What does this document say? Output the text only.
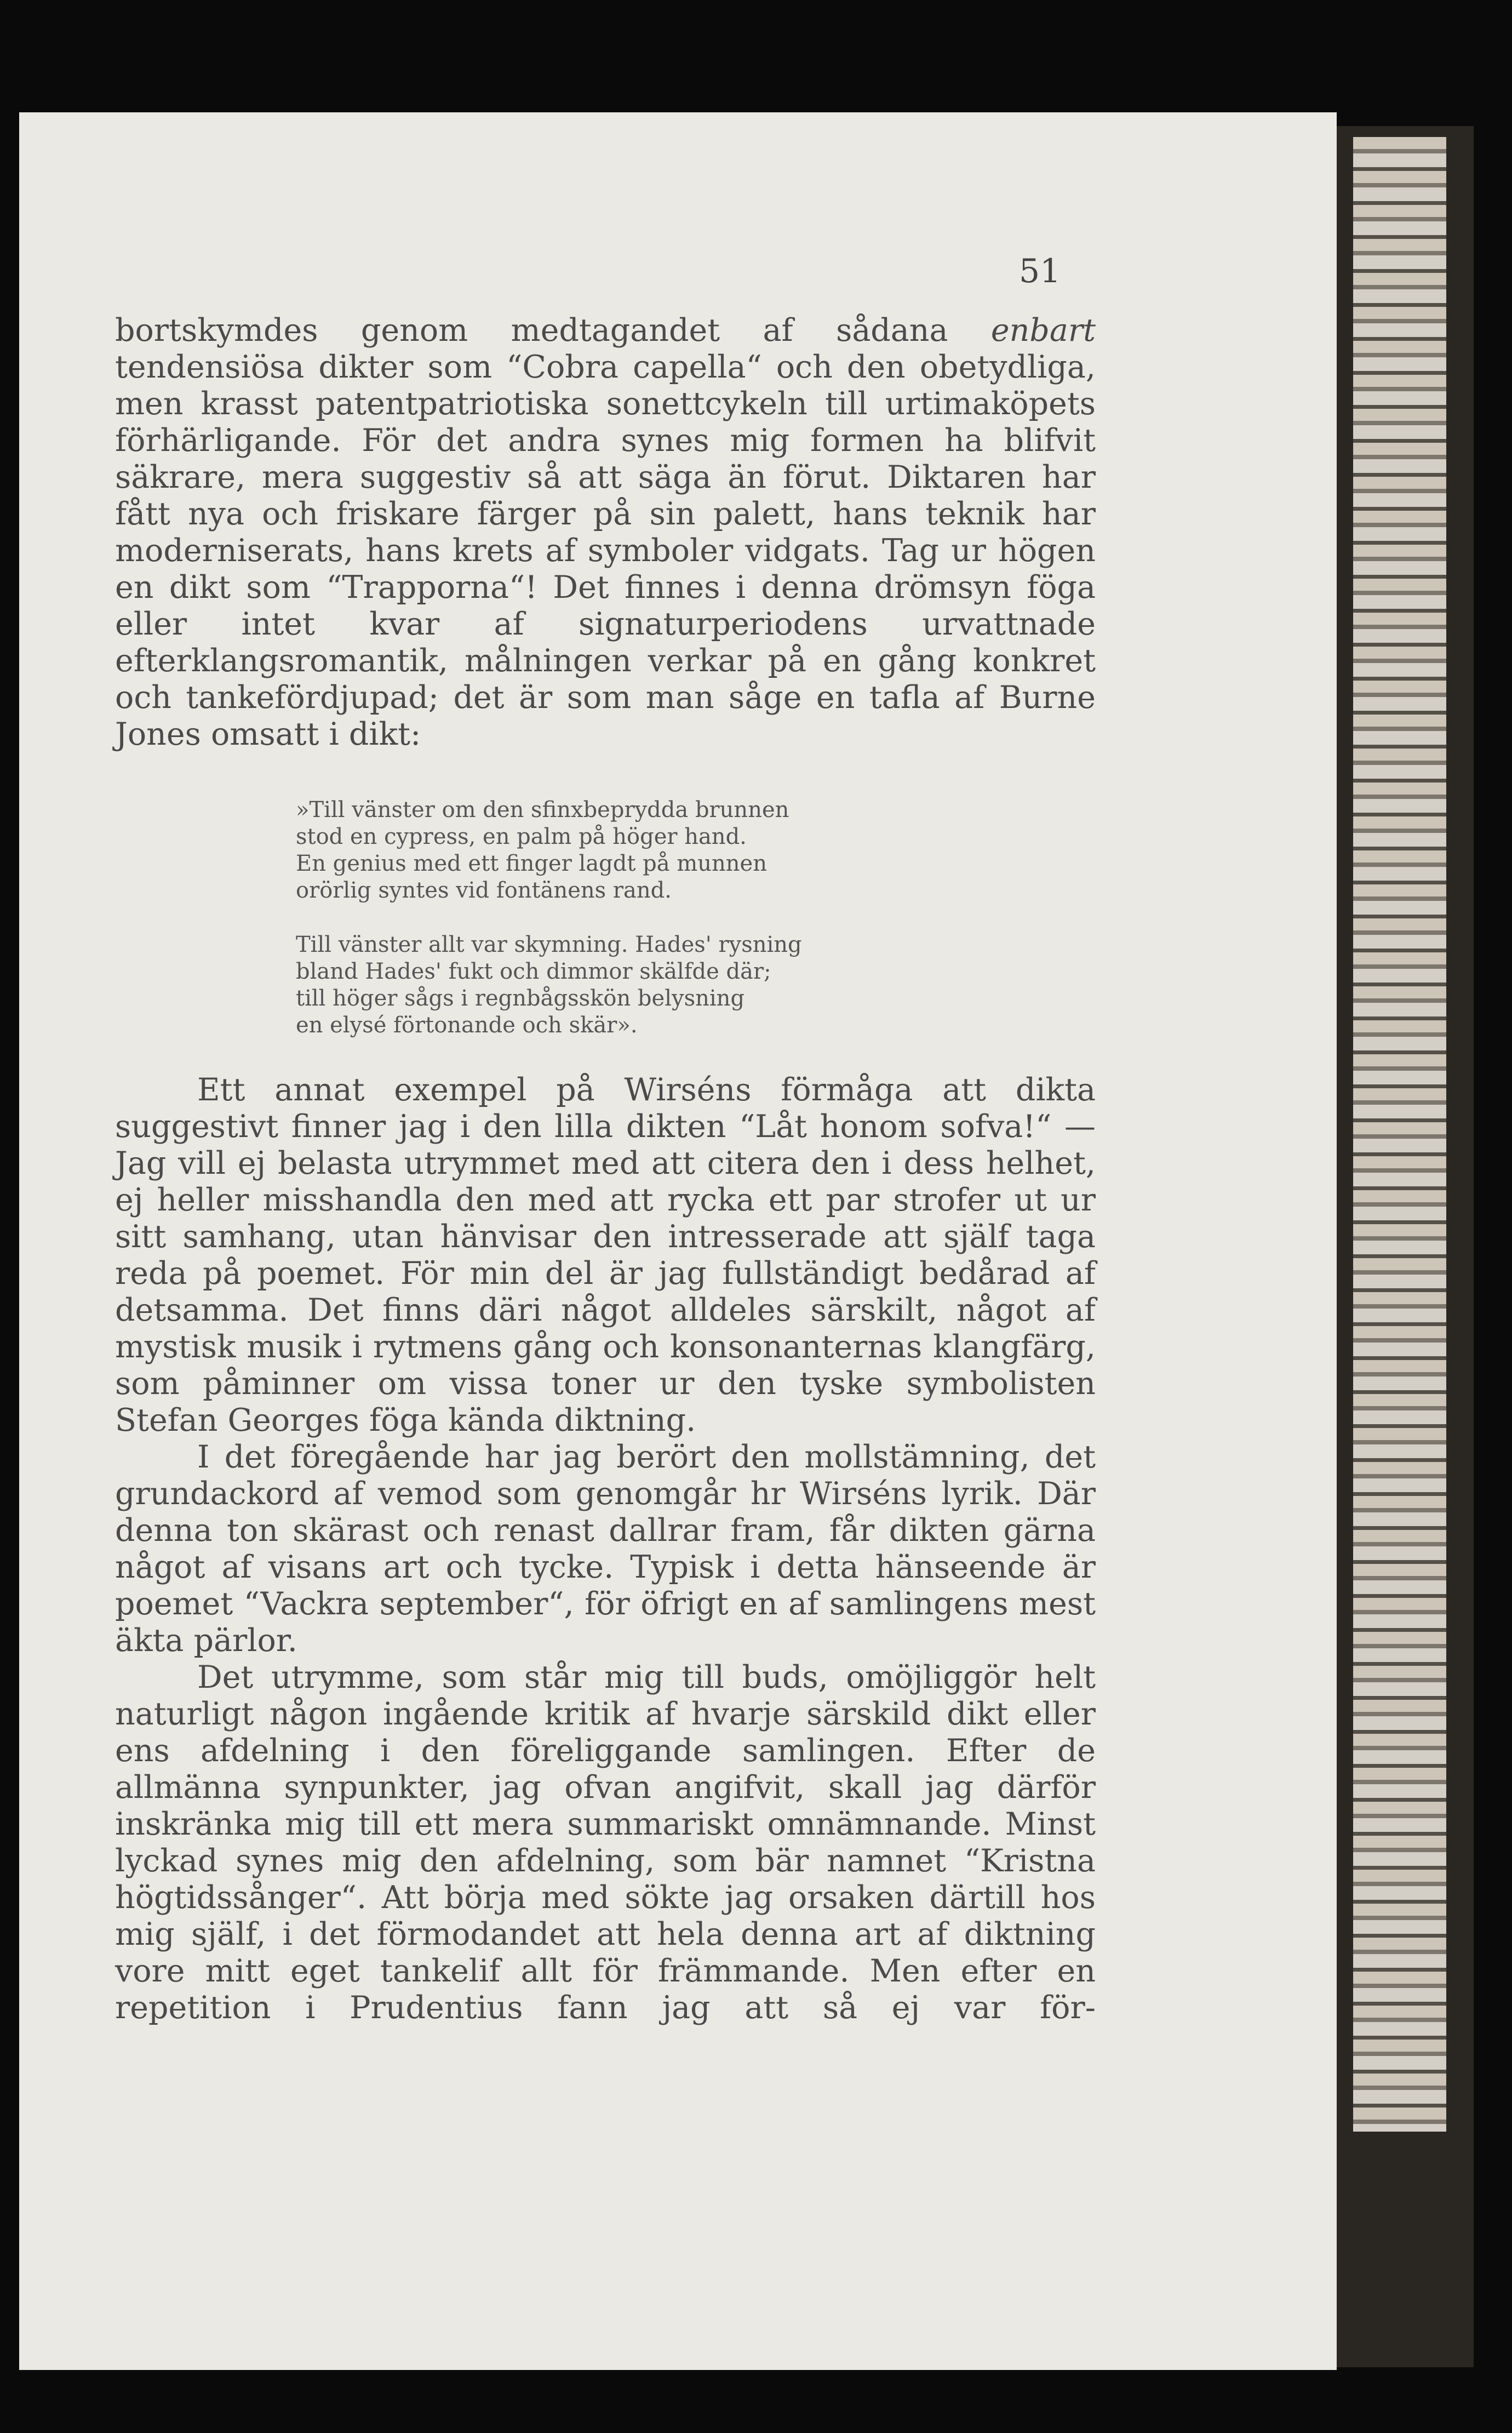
51

bortskymdes genom medtagandet af sådana enbart tendensiösa dikter som “Cobra capella“ och den obetydliga, men krasst patentpatriotiska sonettcykeln till urtimaköpets förhärligande. För det andra synes mig formen ha blifvit säkrare, mera suggestiv så att säga än förut. Diktaren har fått nya och friskare färger på sin palett, hans teknik har moderniserats, hans krets af symboler vidgats. Tag ur högen en dikt som “Trapporna“! Det finnes i denna drömsyn föga eller intet kvar af signaturperiodens urvattnade efterklangsromantik, målningen verkar på en gång konkret och tankefördjupad; det är som man såge en tafla af Burne Jones omsatt i dikt:

»Till vänster om den sfinxbeprydda brunnen
stod en cypress, en palm på höger hand.
En genius med ett finger lagdt på munnen
orörlig syntes vid fontänens rand.
Till vänster allt var skymning. Hades' rysning
bland Hades' fukt och dimmor skälfde där;
till höger sågs i regnbågsskön belysning
en elysé förtonande och skär».

Ett annat exempel på Wirséns förmåga att dikta suggestivt finner jag i den lilla dikten “Låt honom sofva!“ — Jag vill ej belasta utrymmet med att citera den i dess helhet, ej heller misshandla den med att rycka ett par strofer ut ur sitt samhang, utan hänvisar den intresserade att själf taga reda på poemet. För min del är jag fullständigt bedårad af detsamma. Det finns däri något alldeles särskilt, något af mystisk musik i rytmens gång och konsonanternas klangfärg, som påminner om vissa toner ur den tyske symbolisten Stefan Georges föga kända diktning.

I det föregående har jag berört den mollstämning, det grundackord af vemod som genomgår hr Wirséns lyrik. Där denna ton skärast och renast dallrar fram, får dikten gärna något af visans art och tycke. Typisk i detta hänseende är poemet “Vackra september“, för öfrigt en af samlingens mest äkta pärlor.

Det utrymme, som står mig till buds, omöjliggör helt naturligt någon ingående kritik af hvarje särskild dikt eller ens afdelning i den föreliggande samlingen. Efter de allmänna synpunkter, jag ofvan angifvit, skall jag därför inskränka mig till ett mera summariskt omnämnande. Minst lyckad synes mig den afdelning, som bär namnet “Kristna högtidssånger“. Att börja med sökte jag orsaken därtill hos mig själf, i det förmodandet att hela denna art af diktning vore mitt eget tankelif allt för främmande. Men efter en repetition i Prudentius fann jag att så ej var för-
